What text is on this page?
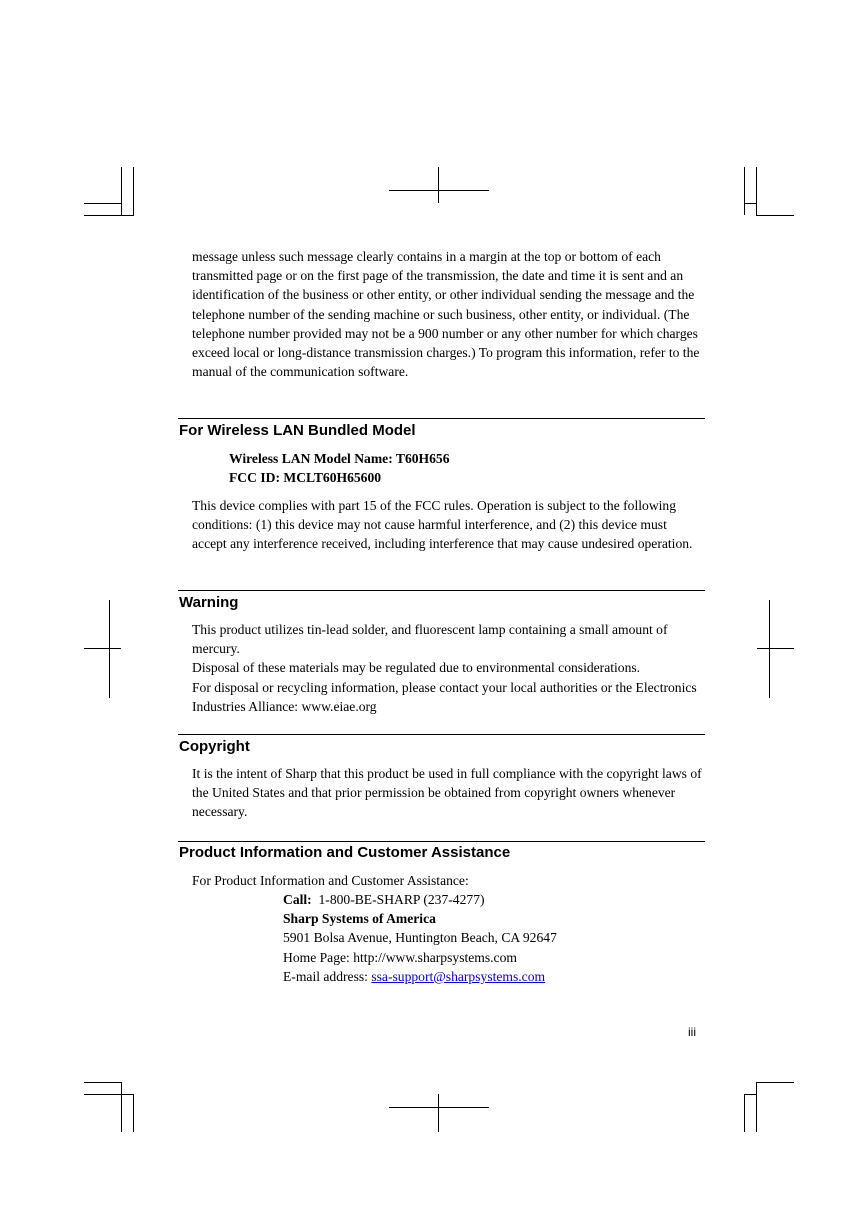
message unless such message clearly contains in a margin at the top or bottom of each transmitted page or on the first page of the transmission, the date and time it is sent and an identification of the business or other entity, or other individual sending the message and the telephone number of the sending machine or such business, other entity, or individual. (The telephone number provided may not be a 900 number or any other number for which charges exceed local or long-distance transmission charges.) To program this information, refer to the manual of the communication software.

For Wireless LAN Bundled Model

Wireless LAN Model Name: T60H656

FCC ID: MCLT60H65600

This device complies with part 15 of the FCC rules. Operation is subject to the following conditions: (1) this device may not cause harmful interference, and (2) this device must accept any interference received, including interference that may cause undesired operation.

Warning
This product utilizes tin-lead solder, and fluorescent lamp containing a small amount of mercury.
Disposal of these materials may be regulated due to environmental considerations.
For disposal or recycling information, please contact your local authorities or the Electronics Industries Alliance: www.eiae.org
Copyright

It is the intent of Sharp that this product be used in full compliance with the copyright laws of the United States and that prior permission be obtained from copyright owners whenever necessary.

Product Information and Customer Assistance

For Product Information and Customer Assistance:

Call: 1-800-BE-SHARP (237-4277)
Sharp Systems of America
5901 Bolsa Avenue, Huntington Beach, CA 92647
Home Page: http://www.sharpsystems.com
E-mail address: ssa-support@sharpsystems.com
iii
